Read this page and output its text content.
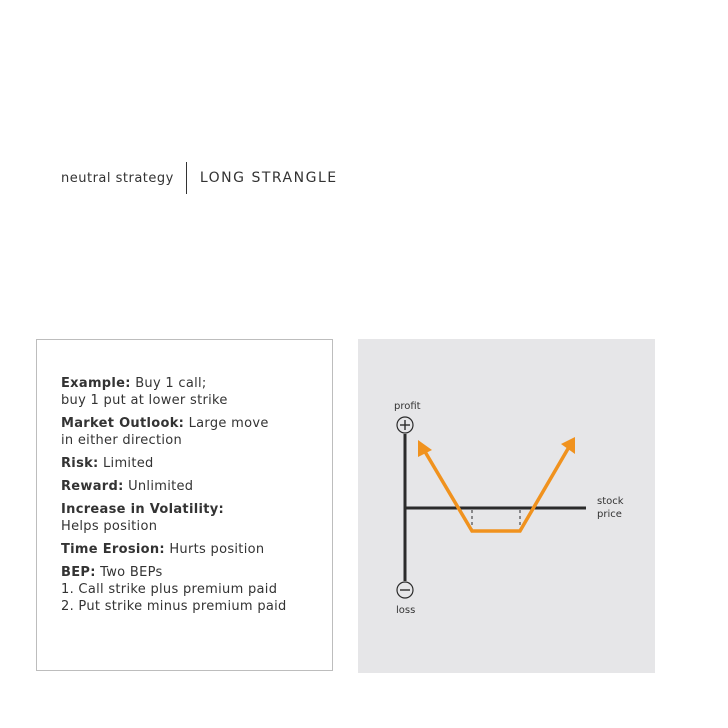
neutral strategy LONG STRANGLE
Example: Buy 1 call;
buy 1 put at lower strike
Market Outlook: Large move
in either direction
Risk: Limited
Reward: Unlimited
Increase in Volatility:
Helps position
Time Erosion: Hurts position
BEP: Two BEPs
1. Call strike plus premium paid
2. Put strike minus premium paid
profit
loss
stock
price
